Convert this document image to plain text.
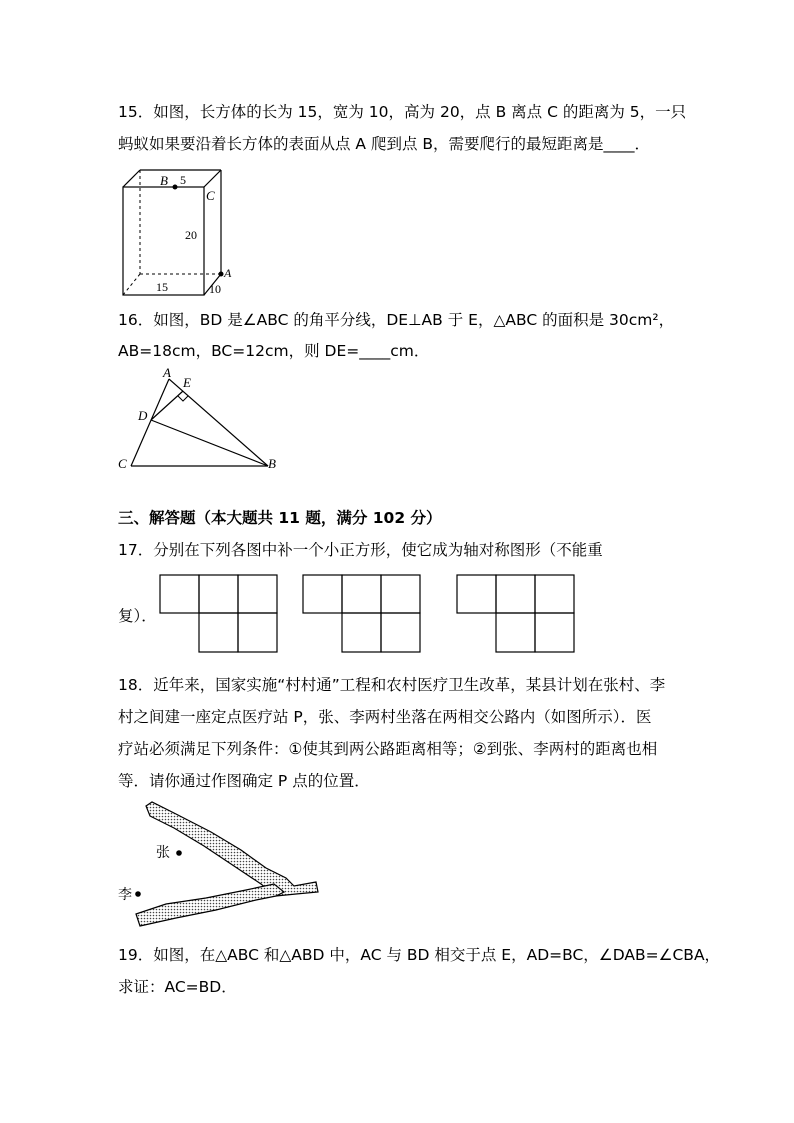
15．如图，长方体的长为 15，宽为 10，高为 20，点 B 离点 C 的距离为 5，一只
蚂蚁如果要沿着长方体的表面从点 A 爬到点 B，需要爬行的最短距离是____．
B 5
C
20
A
15	10
16．如图，BD 是∠ABC 的角平分线，DE⊥AB 于 E，△ABC 的面积是 30cm²，
AB=18cm，BC=12cm，则 DE=____cm．
A
E
D
C	B
三、解答题（本大题共 11 题，满分 102 分）
17．分别在下列各图中补一个小正方形，使它成为轴对称图形（不能重
复）．
18．近年来，国家实施“村村通”工程和农村医疗卫生改革，某县计划在张村、李
村之间建一座定点医疗站 P，张、李两村坐落在两相交公路内（如图所示）．医
疗站必须满足下列条件：①使其到两公路距离相等；②到张、李两村的距离也相
等．请你通过作图确定 P 点的位置．
张
李
19．如图，在△ABC 和△ABD 中，AC 与 BD 相交于点 E，AD=BC，∠DAB=∠CBA，
求证：AC=BD．
